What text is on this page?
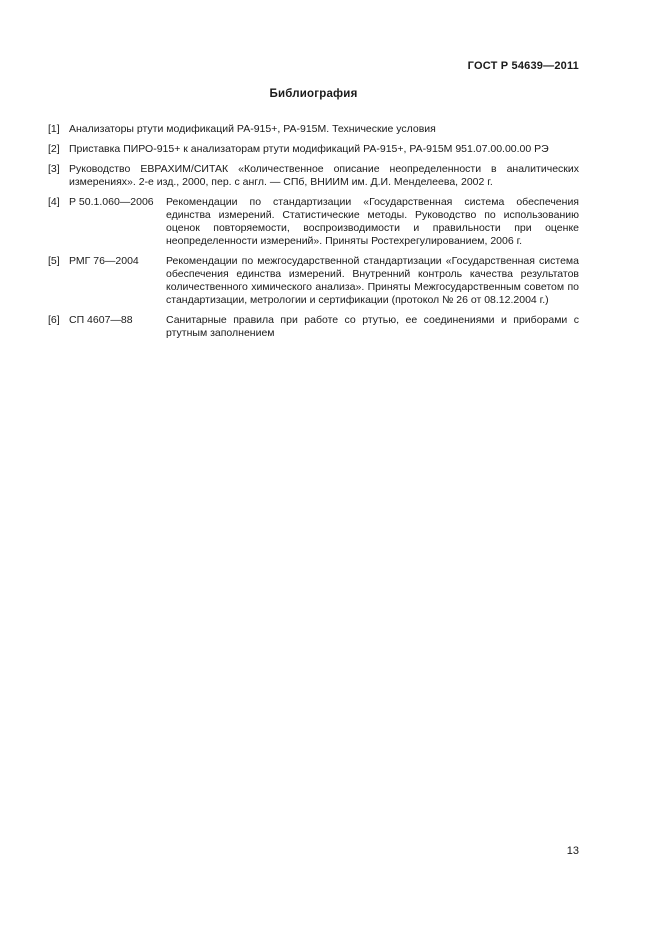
ГОСТ Р 54639—2011
Библиография
[1] Анализаторы ртути модификаций РА-915+, РА-915М. Технические условия
[2] Приставка ПИРО-915+ к анализаторам ртути модификаций РА-915+, РА-915М 951.07.00.00.00 РЭ
[3] Руководство ЕВРАХИМ/СИТАК «Количественное описание неопределенности в аналитических измерениях». 2-е изд., 2000, пер. с англ. — СПб, ВНИИМ им. Д.И. Менделеева, 2002 г.
[4] Р 50.1.060—2006	Рекомендации по стандартизации «Государственная система обеспечения единства измерений. Статистические методы. Руководство по использованию оценок повторяемости, воспроизводимости и правильности при оценке неопределенности измерений». Приняты Ростехрегулированием, 2006 г.
[5] РМГ 76—2004	Рекомендации по межгосударственной стандартизации «Государственная система обеспечения единства измерений. Внутренний контроль качества результатов количественного химического анализа». Приняты Межгосударственным советом по стандартизации, метрологии и сертификации (протокол № 26 от 08.12.2004 г.)
[6] СП 4607—88	Санитарные правила при работе со ртутью, ее соединениями и приборами с ртутным заполнением
13
